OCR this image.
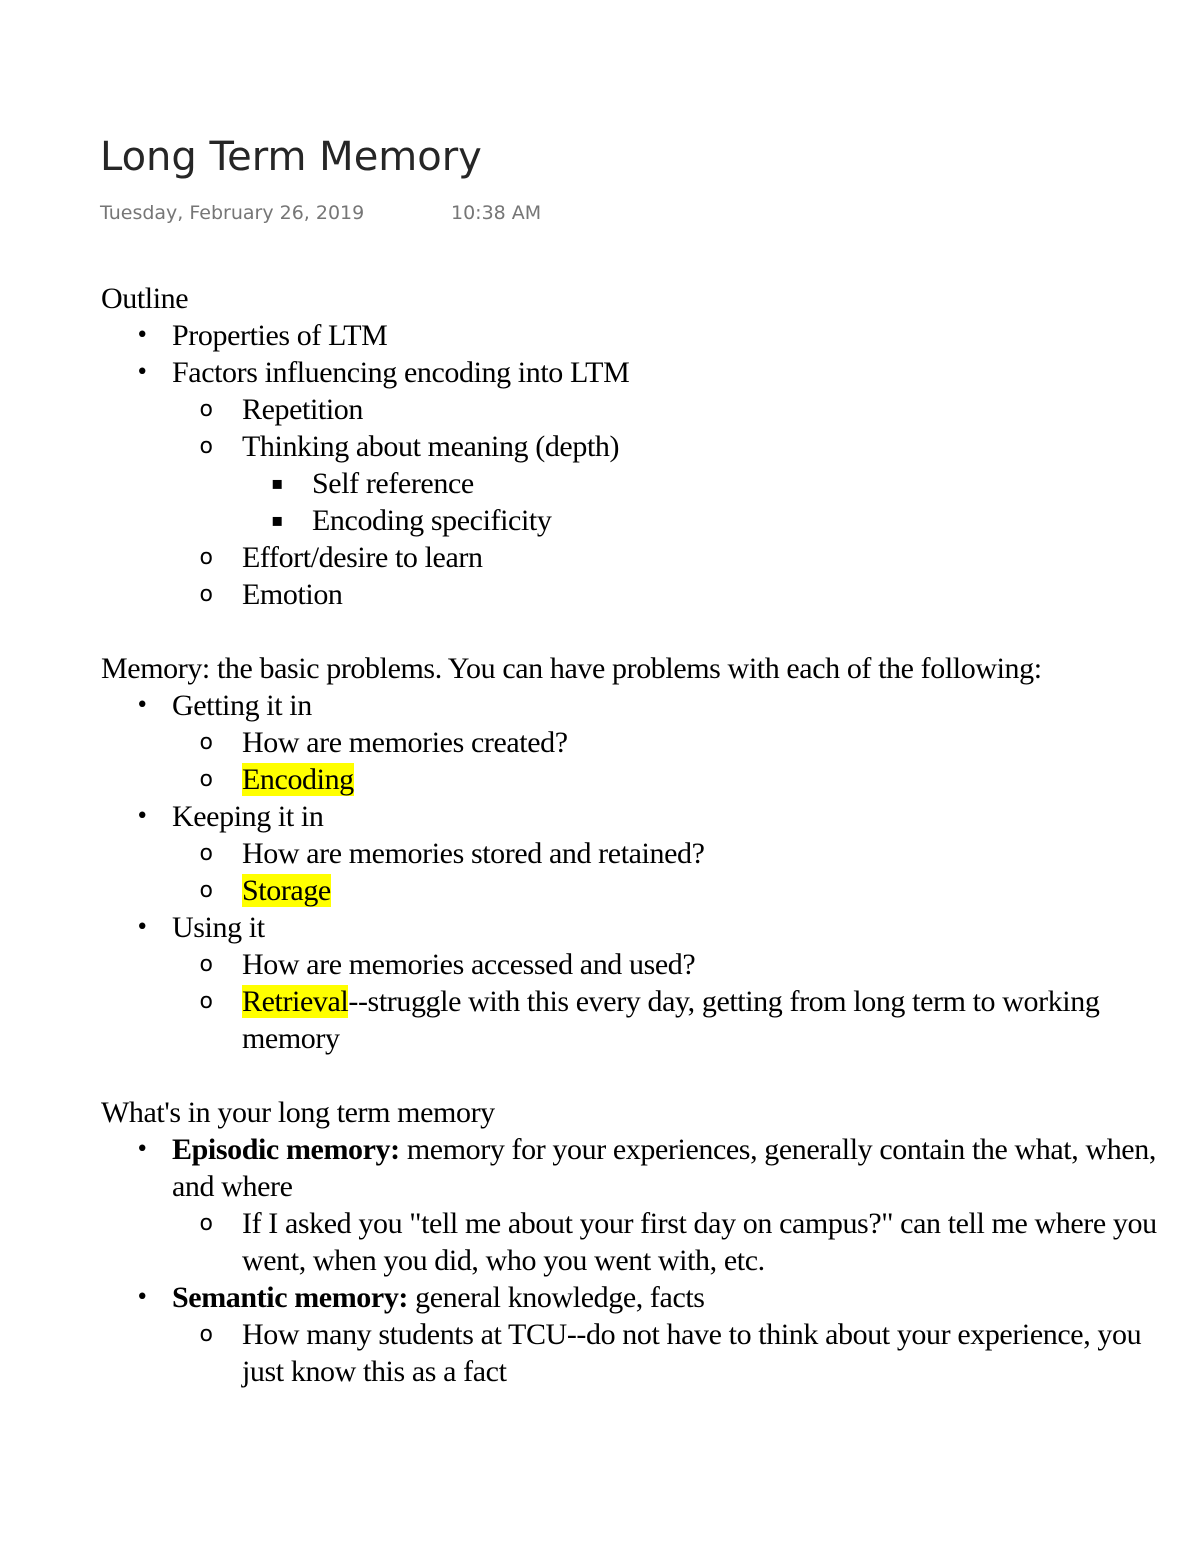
Long Term Memory
Tuesday, February 26, 2019	10:38 AM
Outline
• Properties of LTM
• Factors influencing encoding into LTM
o Repetition
o Thinking about meaning (depth)
▪ Self reference
▪ Encoding specificity
o Effort/desire to learn
o Emotion
Memory: the basic problems. You can have problems with each of the following:
• Getting it in
o How are memories created?
o Encoding
• Keeping it in
o How are memories stored and retained?
o Storage
• Using it
o How are memories accessed and used?
o Retrieval--struggle with this every day, getting from long term to working memory
What's in your long term memory
• Episodic memory: memory for your experiences, generally contain the what, when, and where
o If I asked you "tell me about your first day on campus?" can tell me where you went, when you did, who you went with, etc.
• Semantic memory: general knowledge, facts
o How many students at TCU--do not have to think about your experience, you just know this as a fact
